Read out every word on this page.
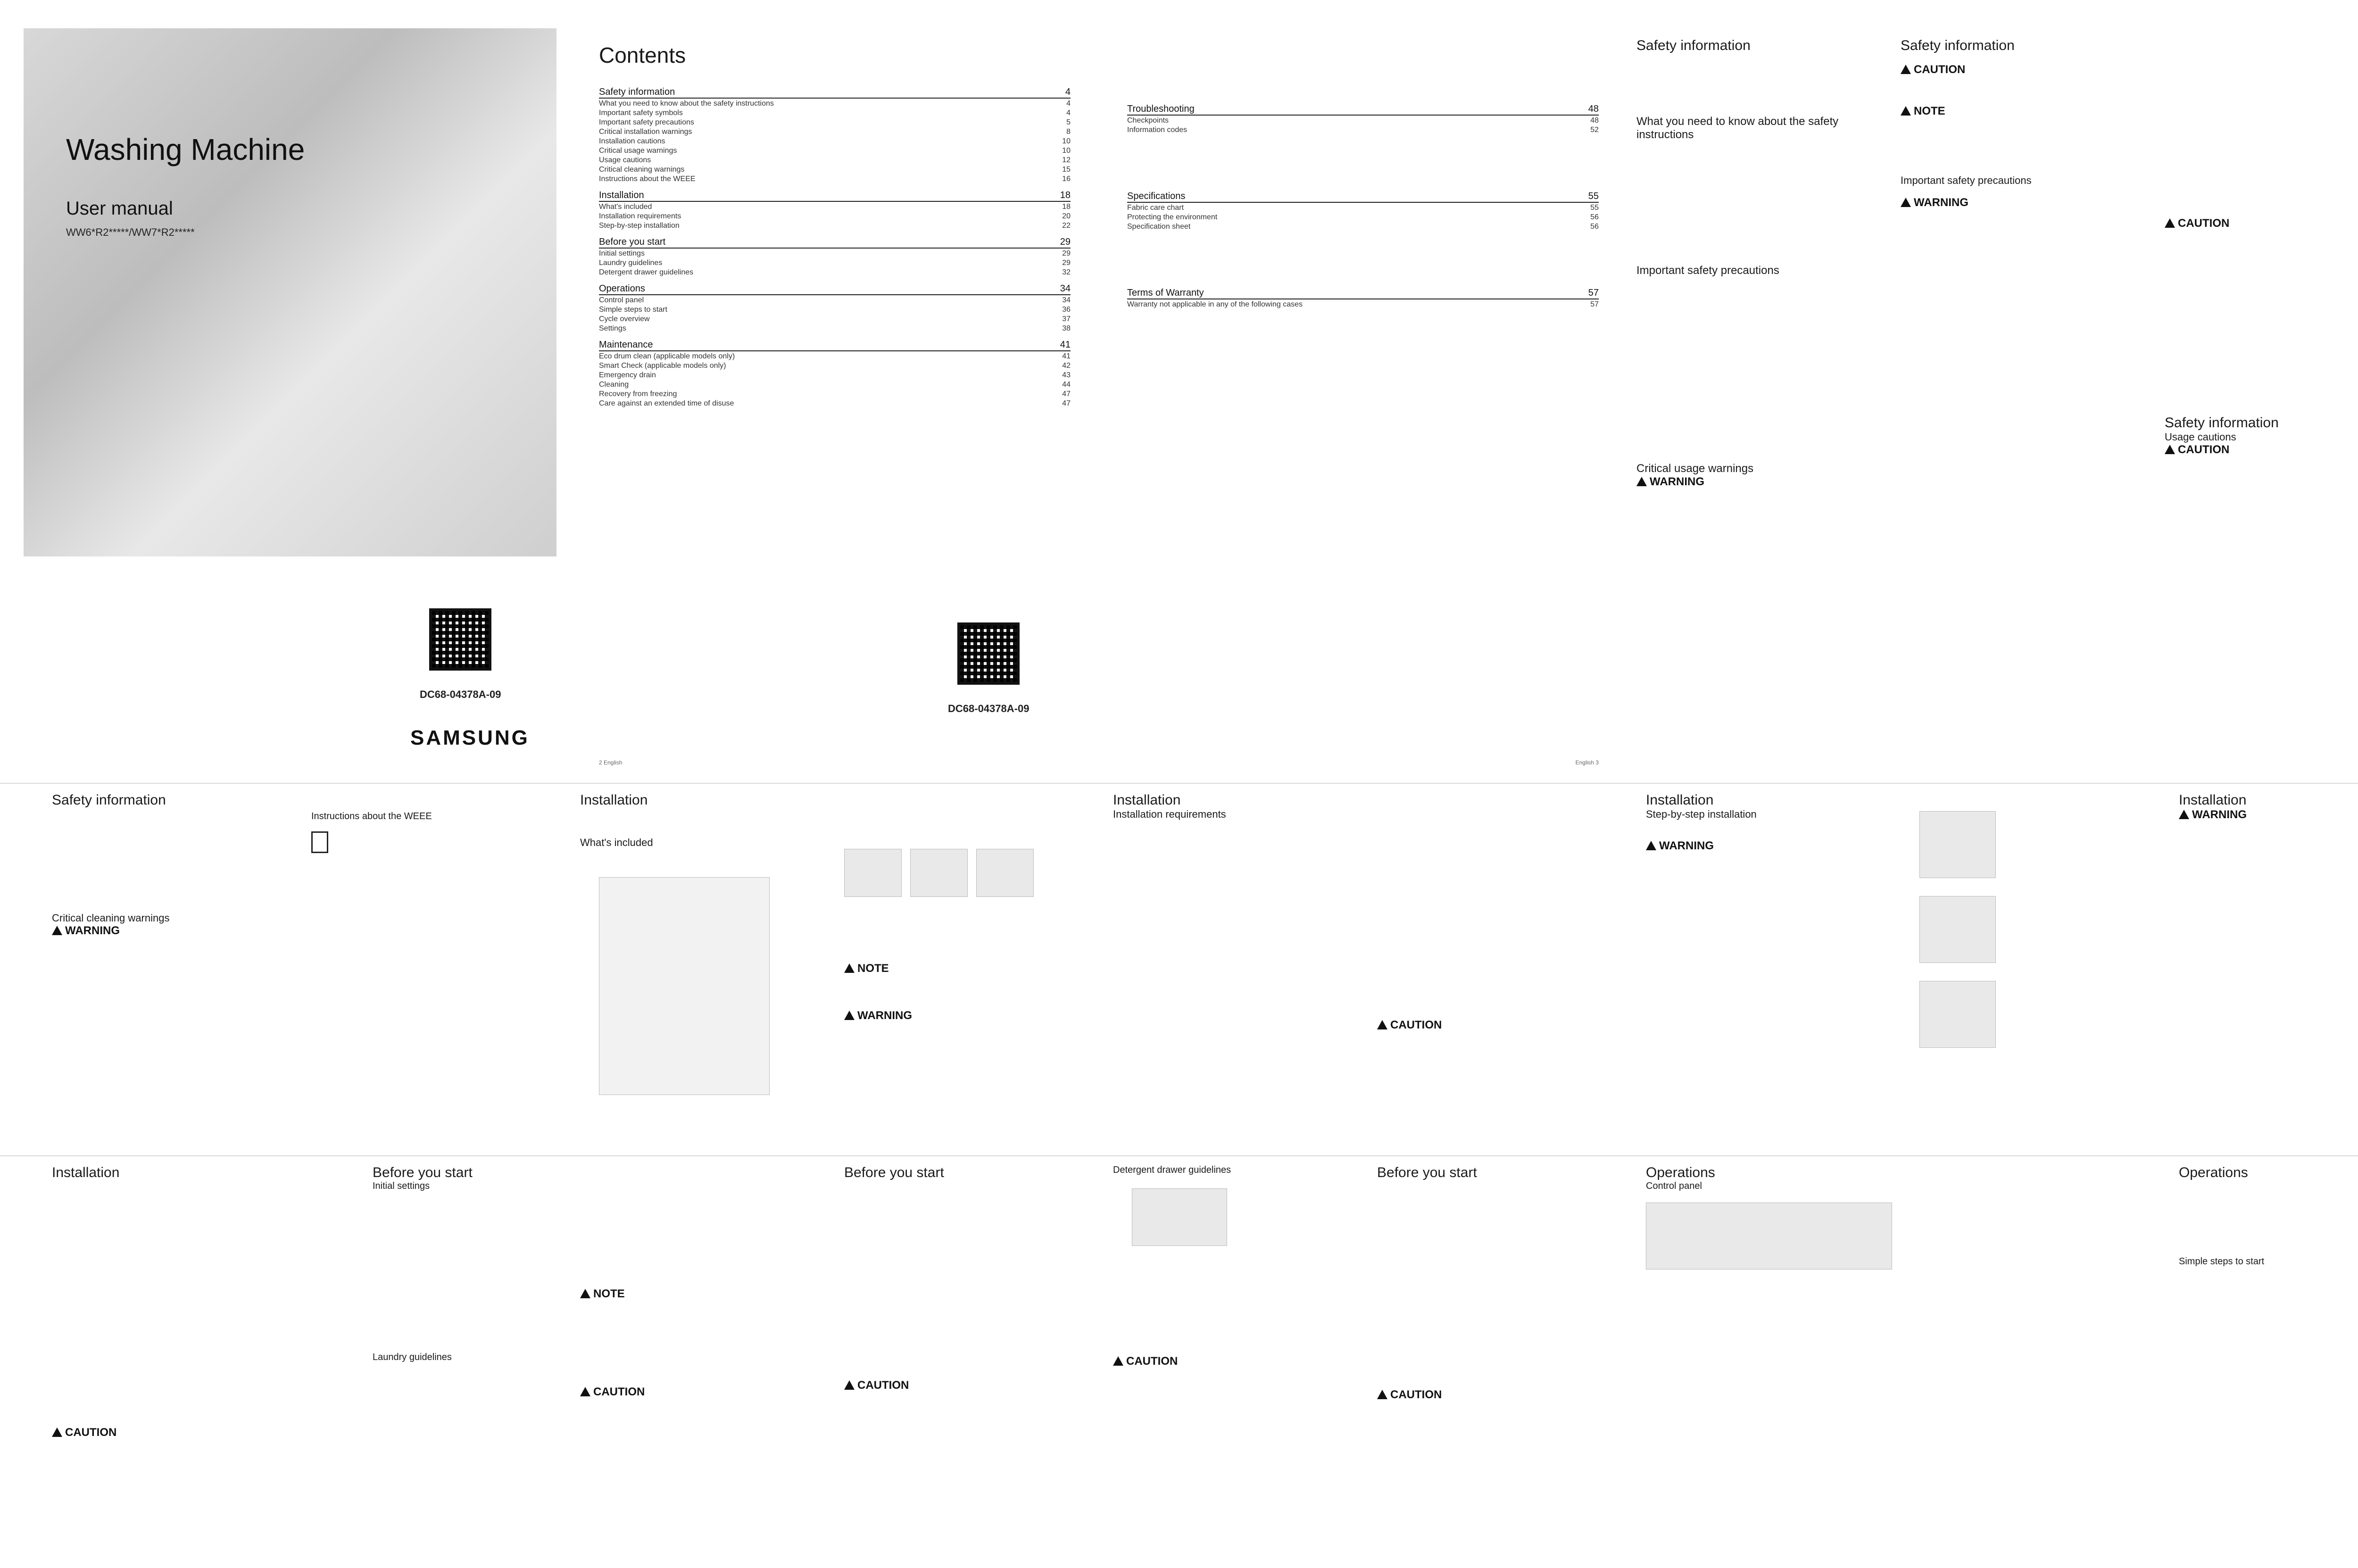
Washing Machine
User manual
WW6*R2*****/WW7*R2*****
DC68-04378A-09
SAMSUNG
Contents
Safety information	4
What you need to know about the safety instructions	4
Important safety symbols	4
Important safety precautions	5
Critical installation warnings	8
Installation cautions	10
Critical usage warnings	10
Usage cautions	12
Critical cleaning warnings	15
Instructions about the WEEE	16
Installation	18
What's included	18
Installation requirements	20
Step-by-step installation	22
Before you start	29
Initial settings	29
Laundry guidelines	29
Detergent drawer guidelines	32
Operations	34
Control panel	34
Simple steps to start	36
Cycle overview	37
Settings	38
Maintenance	41
Eco drum clean (applicable models only)	41
Smart Check (applicable models only)	42
Emergency drain	43
Cleaning	44
Recovery from freezing	47
Care against an extended time of disuse	47
DC68-04378A-09
2 English
Troubleshooting	48
Checkpoints	48
Information codes	52
Specifications	55
Fabric care chart	55
Protecting the environment	56
Specification sheet	56
Terms of Warranty	57
Warranty not applicable in any of the following cases	57
English 3
Safety information
What you need to know about the safety instructions
Important safety precautions
Safety information
CAUTION
NOTE
Important safety precautions
WARNING
CAUTION
Critical usage warnings
WARNING
Safety information
Usage cautions
CAUTION
Safety information
Critical cleaning warnings
WARNING
Instructions about the WEEE
Installation
What's included
NOTE
WARNING
Installation
Installation requirements
CAUTION
Installation
Step-by-step installation
WARNING
Installation
WARNING
Installation
CAUTION
Before you start
Initial settings
Laundry guidelines
NOTE
CAUTION
Before you start
CAUTION
Detergent drawer guidelines
CAUTION
Before you start
CAUTION
Operations
Control panel
Operations
Simple steps to start
